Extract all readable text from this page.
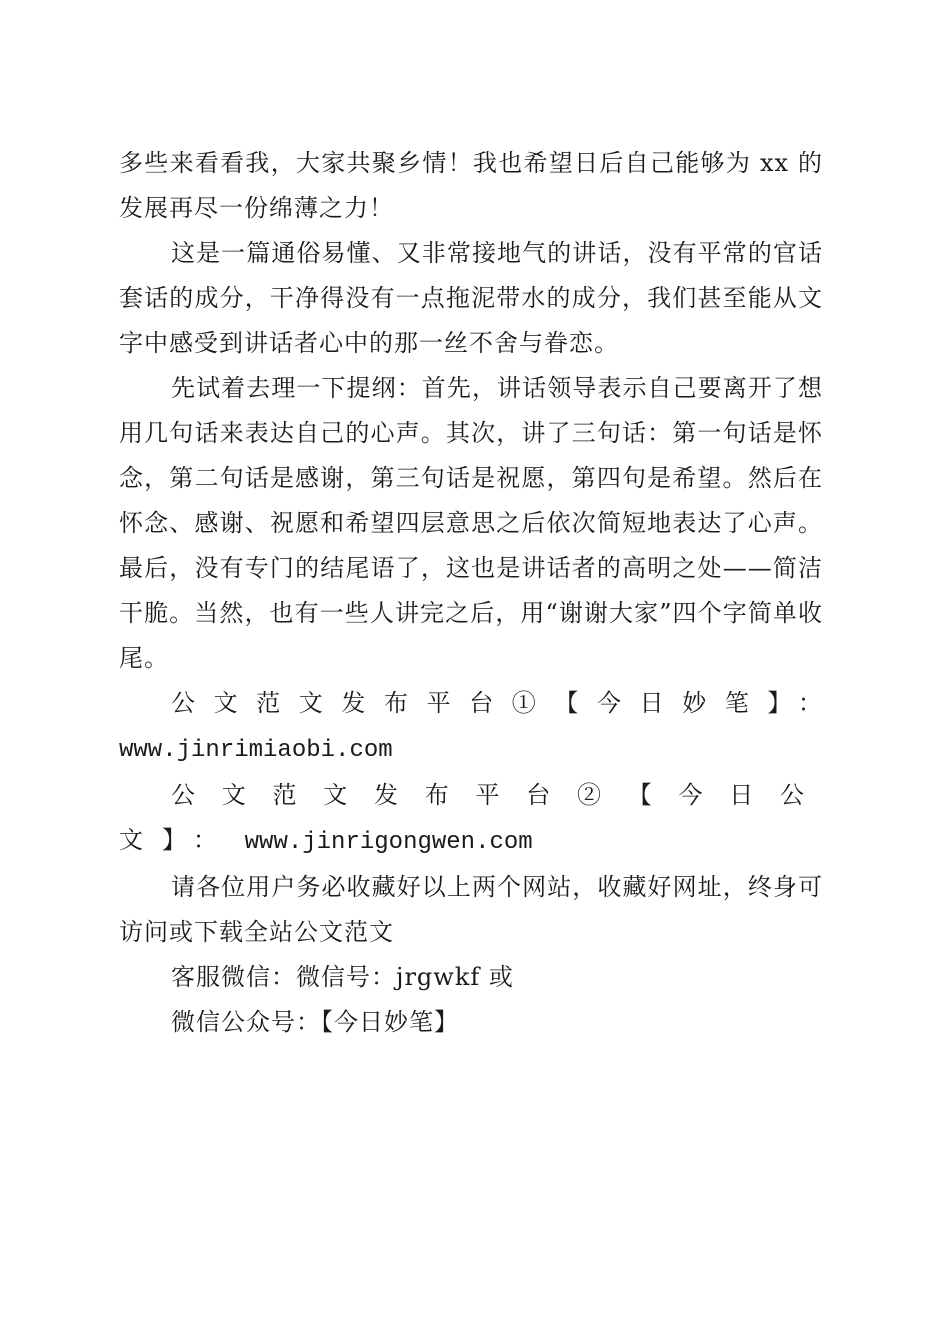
多些来看看我，大家共聚乡情！我也希望日后自己能够为 xx 的发展再尽一份绵薄之力！

这是一篇通俗易懂、又非常接地气的讲话，没有平常的官话套话的成分，干净得没有一点拖泥带水的成分，我们甚至能从文字中感受到讲话者心中的那一丝不舍与眷恋。

先试着去理一下提纲：首先，讲话领导表示自己要离开了想用几句话来表达自己的心声。其次，讲了三句话：第一句话是怀念，第二句话是感谢，第三句话是祝愿，第四句是希望。然后在怀念、感谢、祝愿和希望四层意思之后依次简短地表达了心声。最后，没有专门的结尾语了，这也是讲话者的高明之处——简洁干脆。当然，也有一些人讲完之后，用“谢谢大家”四个字简单收尾。

公文范文发布平台①【今日妙笔】：www.jinrimiaobi.com

公文范文发布平台②【今日公文】： www.jinrigongwen.com

请各位用户务必收藏好以上两个网站，收藏好网址，终身可访问或下载全站公文范文

客服微信：微信号：jrgwkf 或

微信公众号：【今日妙笔】
